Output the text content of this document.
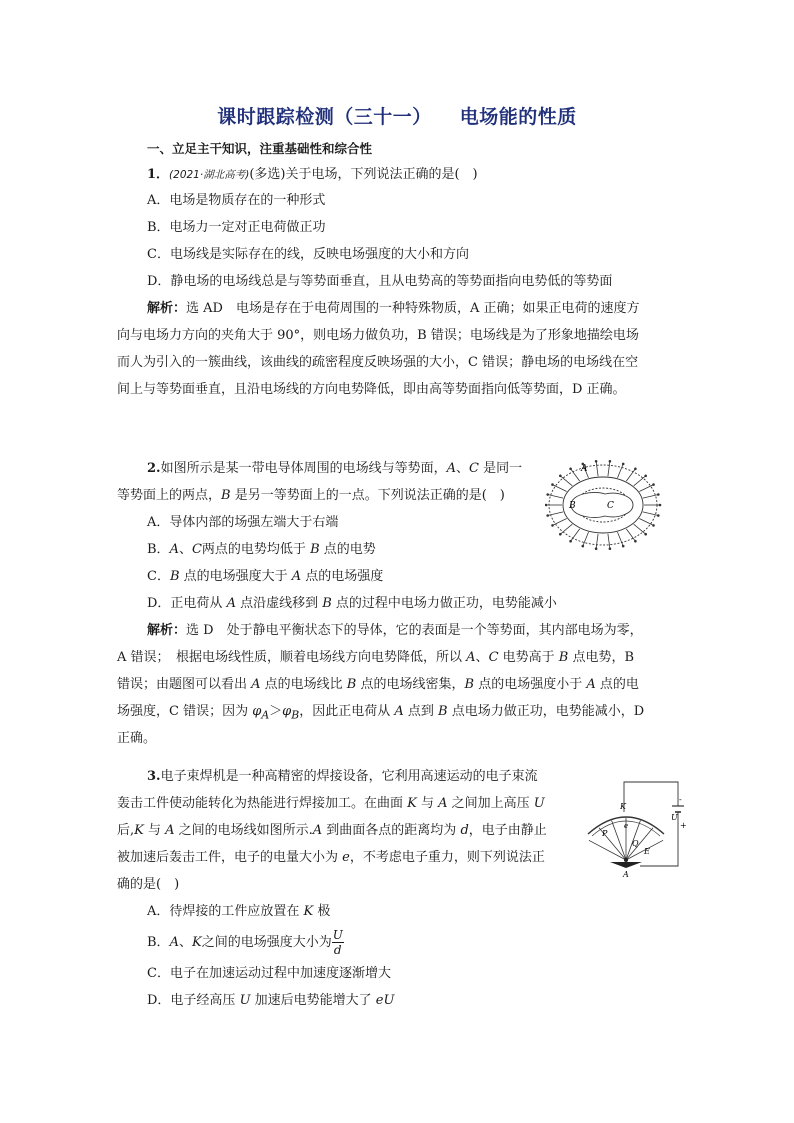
课时跟踪检测（三十一） 电场能的性质
一、立足主干知识，注重基础性和综合性
1．(2021·湖北高考)(多选)关于电场，下列说法正确的是(　)
A．电场是物质存在的一种形式
B．电场力一定对正电荷做正功
C．电场线是实际存在的线，反映电场强度的大小和方向
D．静电场的电场线总是与等势面垂直，且从电势高的等势面指向电势低的等势面
解析：选 AD　电场是存在于电荷周围的一种特殊物质，A 正确；如果正电荷的速度方
向与电场力方向的夹角大于 90°，则电场力做负功，B 错误；电场线是为了形象地描绘电场
而人为引入的一簇曲线，该曲线的疏密程度反映场强的大小，C 错误；静电场的电场线在空
间上与等势面垂直，且沿电场线的方向电势降低，即由高等势面指向低等势面，D 正确。
2.如图所示是某一带电导体周围的电场线与等势面，A、C 是同一
等势面上的两点，B 是另一等势面上的一点。下列说法正确的是(　)
A．导体内部的场强左端大于右端
B．A、C两点的电势均低于 B 点的电势
C．B 点的电场强度大于 A 点的电场强度
D．正电荷从 A 点沿虚线移到 B 点的过程中电场力做正功，电势能减小
解析：选 D　处于静电平衡状态下的导体，它的表面是一个等势面，其内部电场为零，
A 错误；　根据电场线性质，顺着电场线方向电势降低，所以 A、C 电势高于 B 点电势，B
错误；由题图可以看出 A 点的电场线比 B 点的电场线密集，B 点的电场强度小于 A 点的电
场强度，C 错误；因为 $\varphi_A>\varphi_B$，因此正电荷从 A 点到 B 点电场力做正功，电势能减小，D
正确。
A
B	C
3.电子束焊机是一种高精密的焊接设备，它利用高速运动的电子束流
轰击工件使动能转化为热能进行焊接加工。在曲面 K 与 A 之间加上高压 U
后,K 与 A 之间的电场线如图所示.A 到曲面各点的距离均为 d，电子由静止
被加速后轰击工件，电子的电量大小为 e，不考虑电子重力，则下列说法正
确的是(　)
A．待焊接的工件应放置在 K 极
B．A、K之间的电场强度大小为 $\frac{U}{d}$
C．电子在加速运动过程中加速度逐渐增大
D．电子经高压 U 加速后电势能增大了 eU
K
U
-
+
P
e
Q
E
A
